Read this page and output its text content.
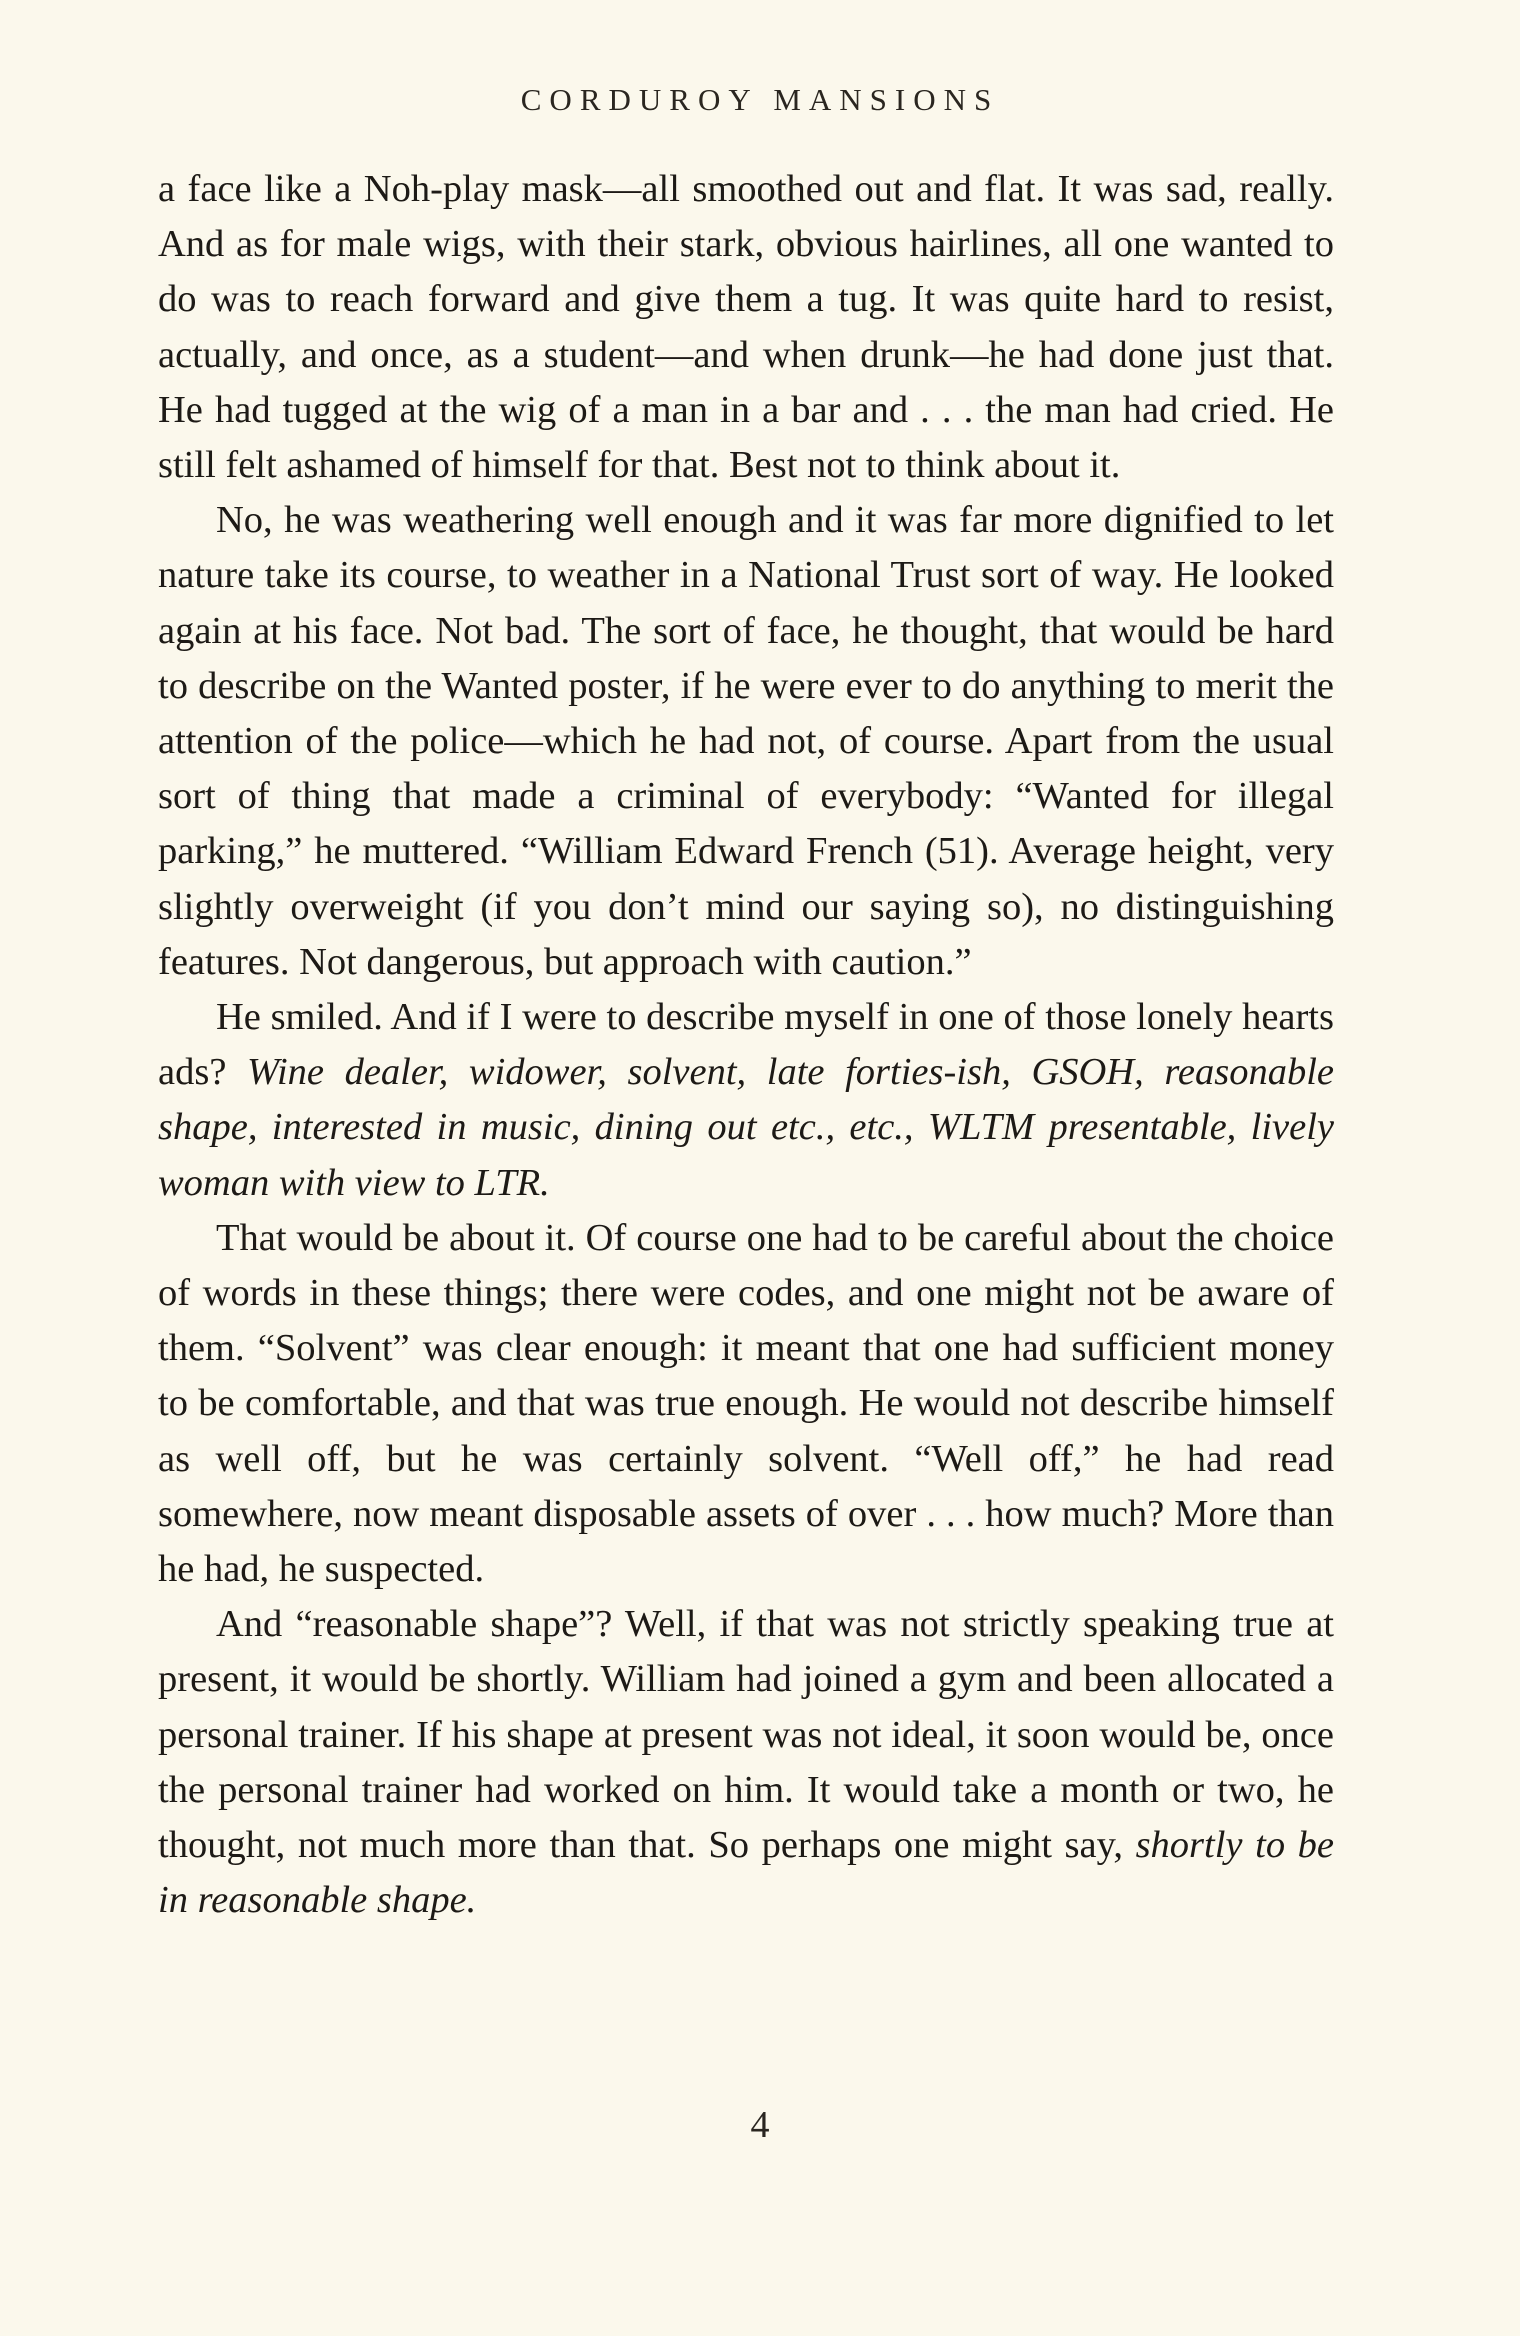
CORDUROY MANSIONS

a face like a Noh-play mask—all smoothed out and flat. It was sad, really. And as for male wigs, with their stark, obvious hairlines, all one wanted to do was to reach forward and give them a tug. It was quite hard to resist, actually, and once, as a student—and when drunk—he had done just that. He had tugged at the wig of a man in a bar and . . . the man had cried. He still felt ashamed of himself for that. Best not to think about it.

No, he was weathering well enough and it was far more dignified to let nature take its course, to weather in a National Trust sort of way. He looked again at his face. Not bad. The sort of face, he thought, that would be hard to describe on the Wanted poster, if he were ever to do anything to merit the attention of the police—which he had not, of course. Apart from the usual sort of thing that made a criminal of everybody: “Wanted for illegal parking,” he muttered. “William Edward French (51). Average height, very slightly overweight (if you don’t mind our saying so), no distinguishing features. Not dangerous, but approach with caution.”

He smiled. And if I were to describe myself in one of those lonely hearts ads? Wine dealer, widower, solvent, late forties-ish, GSOH, reasonable shape, interested in music, dining out etc., etc., WLTM presentable, lively woman with view to LTR.

That would be about it. Of course one had to be careful about the choice of words in these things; there were codes, and one might not be aware of them. “Solvent” was clear enough: it meant that one had sufficient money to be comfortable, and that was true enough. He would not describe himself as well off, but he was certainly solvent. “Well off,” he had read somewhere, now meant disposable assets of over . . . how much? More than he had, he suspected.

And “reasonable shape”? Well, if that was not strictly speaking true at present, it would be shortly. William had joined a gym and been allocated a personal trainer. If his shape at present was not ideal, it soon would be, once the personal trainer had worked on him. It would take a month or two, he thought, not much more than that. So perhaps one might say, shortly to be in reasonable shape.

4
